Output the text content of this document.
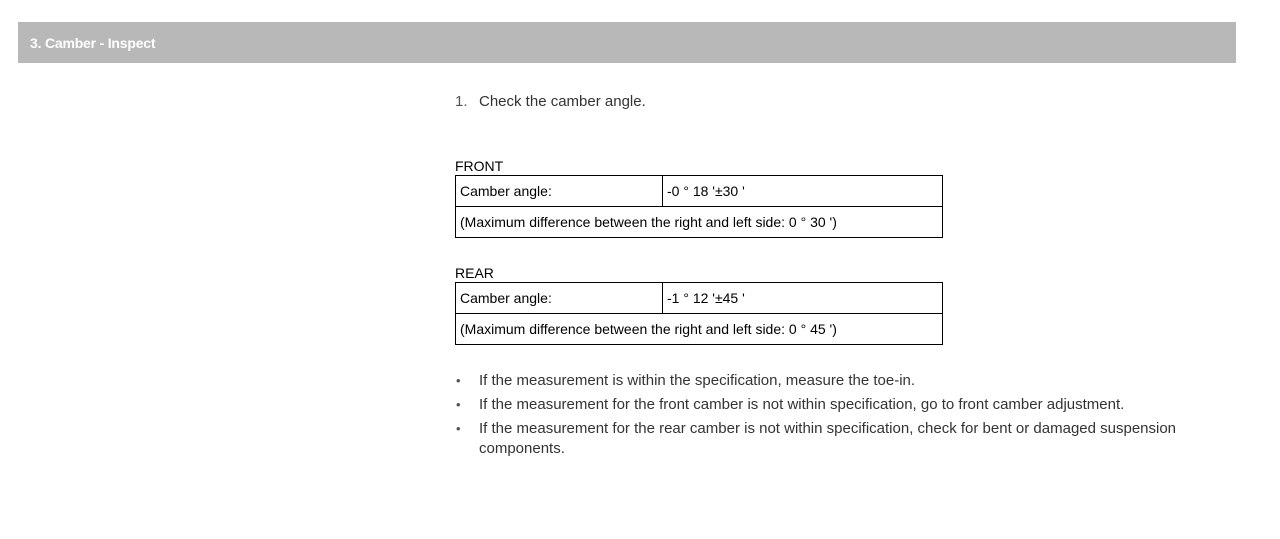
3. Camber - Inspect
1. Check the camber angle.

FRONT

Camber angle:	-0 ° 18 '±30 '
(Maximum difference between the right and left side: 0 ° 30 ')

REAR

Camber angle:	-1 ° 12 '±45 '
(Maximum difference between the right and left side: 0 ° 45 ')
•	If the measurement is within the specification, measure the toe-in.
•	If the measurement for the front camber is not within specification, go to front camber adjustment.
•	If the measurement for the rear camber is not within specification, check for bent or damaged suspension components.
